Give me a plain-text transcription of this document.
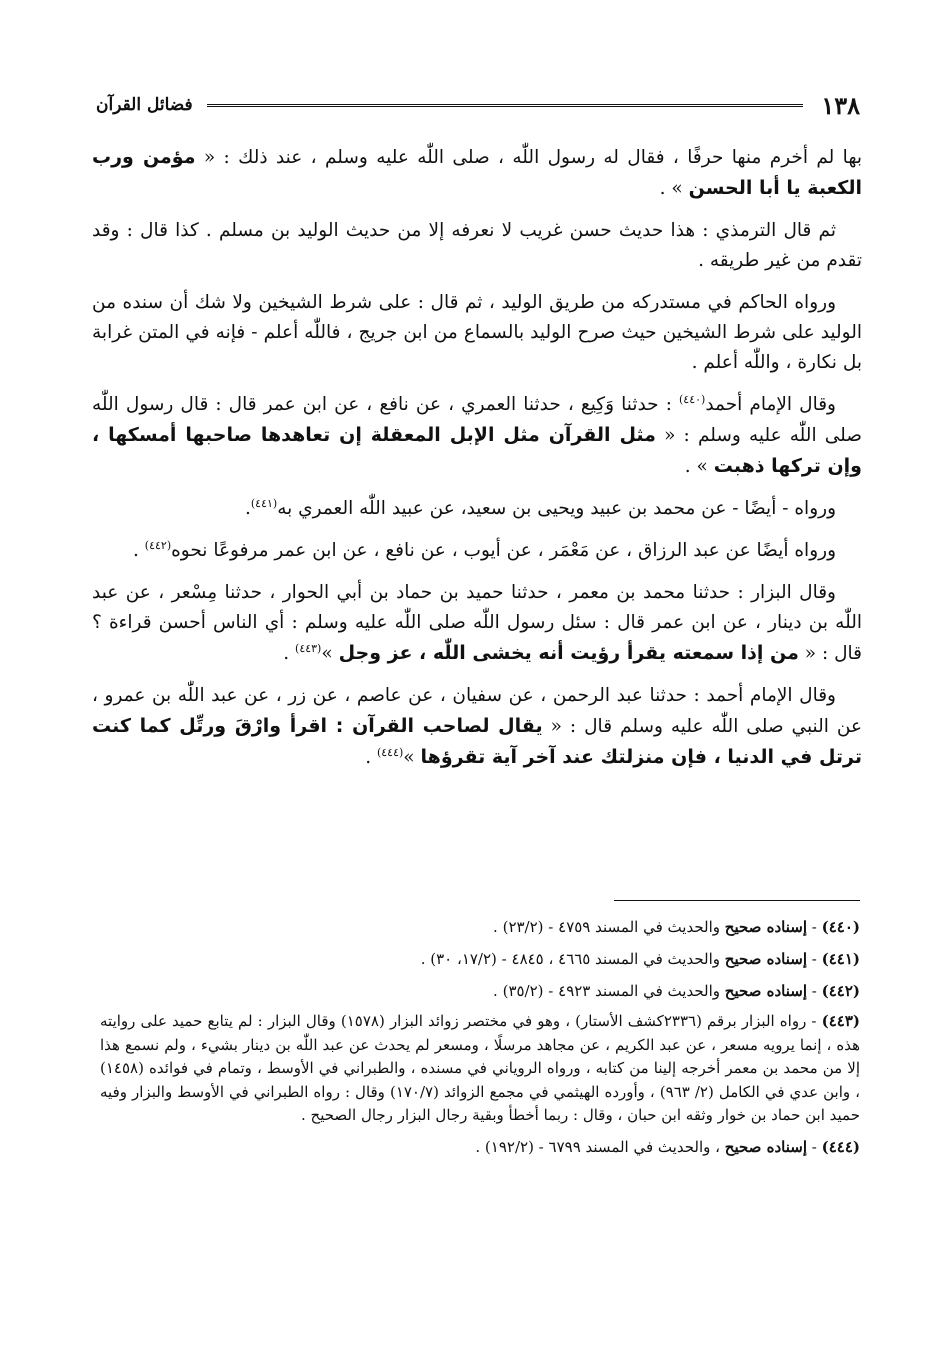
١٣٨
فضائل القرآن

بها لم أخرم منها حرفًا ، فقال له رسول اللّٰه ، صلى اللّٰه عليه وسلم ، عند ذلك : « مؤمن ورب الكعبة يا أبا الحسن » .

ثم قال الترمذي : هذا حديث حسن غريب لا نعرفه إلا من حديث الوليد بن مسلم . كذا قال : وقد تقدم من غير طريقه .

ورواه الحاكم في مستدركه من طريق الوليد ، ثم قال : على شرط الشيخين ولا شك أن سنده من الوليد على شرط الشيخين حيث صرح الوليد بالسماع من ابن جريج ، فاللّٰه أعلم - فإنه في المتن غرابة بل نكارة ، واللّٰه أعلم .

وقال الإمام أحمد$^{(٤٤٠)}$ : حدثنا وَكِيع ، حدثنا العمري ، عن نافع ، عن ابن عمر قال : قال رسول اللّٰه صلى اللّٰه عليه وسلم : « مثل القرآن مثل الإبل المعقلة إن تعاهدها صاحبها أمسكها ، وإن تركها ذهبت » .

ورواه - أيضًا - عن محمد بن عبيد ويحيى بن سعيد، عن عبيد اللّٰه العمري به$^{(٤٤١)}$.

ورواه أيضًا عن عبد الرزاق ، عن مَعْمَر ، عن أيوب ، عن نافع ، عن ابن عمر مرفوعًا نحوه$^{(٤٤٢)}$ .

وقال البزار : حدثنا محمد بن معمر ، حدثنا حميد بن حماد بن أبي الحوار ، حدثنا مِسْعر ، عن عبد اللّٰه بن دينار ، عن ابن عمر قال : سئل رسول اللّٰه صلى اللّٰه عليه وسلم : أي الناس أحسن قراءة ؟ قال : « من إذا سمعته يقرأ رؤيت أنه يخشى اللّٰه ، عز وجل »$^{(٤٤٣)}$ .

وقال الإمام أحمد : حدثنا عبد الرحمن ، عن سفيان ، عن عاصم ، عن زر ، عن عبد اللّٰه بن عمرو ، عن النبي صلى اللّٰه عليه وسلم قال : « يقال لصاحب القرآن : اقرأ وارْقَ ورتِّل كما كنت ترتل في الدنيا ، فإن منزلتك عند آخر آية تقرؤها »$^{(٤٤٤)}$ .

(٤٤٠) - إسناده صحيح والحديث في المسند ٤٧٥٩ - (٢٣/٢) .

(٤٤١) - إسناده صحيح والحديث في المسند ٤٦٦٥ ، ٤٨٤٥ - (١٧/٢، ٣٠) .

(٤٤٢) - إسناده صحيح والحديث في المسند ٤٩٢٣ - (٣٥/٢) .

(٤٤٣) - رواه البزار برقم (٢٣٣٦كشف الأستار) ، وهو في مختصر زوائد البزار (١٥٧٨) وقال البزار : لم يتابع حميد على روايته هذه ، إنما يرويه مسعر ، عن عبد الكريم ، عن مجاهد مرسلًا ، ومسعر لم يحدث عن عبد اللّٰه بن دينار بشيء ، ولم نسمع هذا إلا من محمد بن معمر أخرجه إلينا من كتابه ، ورواه الروياني في مسنده ، والطبراني في الأوسط ، وتمام في فوائده (١٤٥٨) ، وابن عدي في الكامل (٢/ ٩٦٣) ، وأورده الهيثمي في مجمع الزوائد (١٧٠/٧) وقال : رواه الطبراني في الأوسط والبزار وفيه حميد ابن حماد بن خوار وثقه ابن حبان ، وقال : ربما أخطأ وبقية رجال البزار رجال الصحيح .

(٤٤٤) - إسناده صحيح ، والحديث في المسند ٦٧٩٩ - (١٩٢/٢) .
